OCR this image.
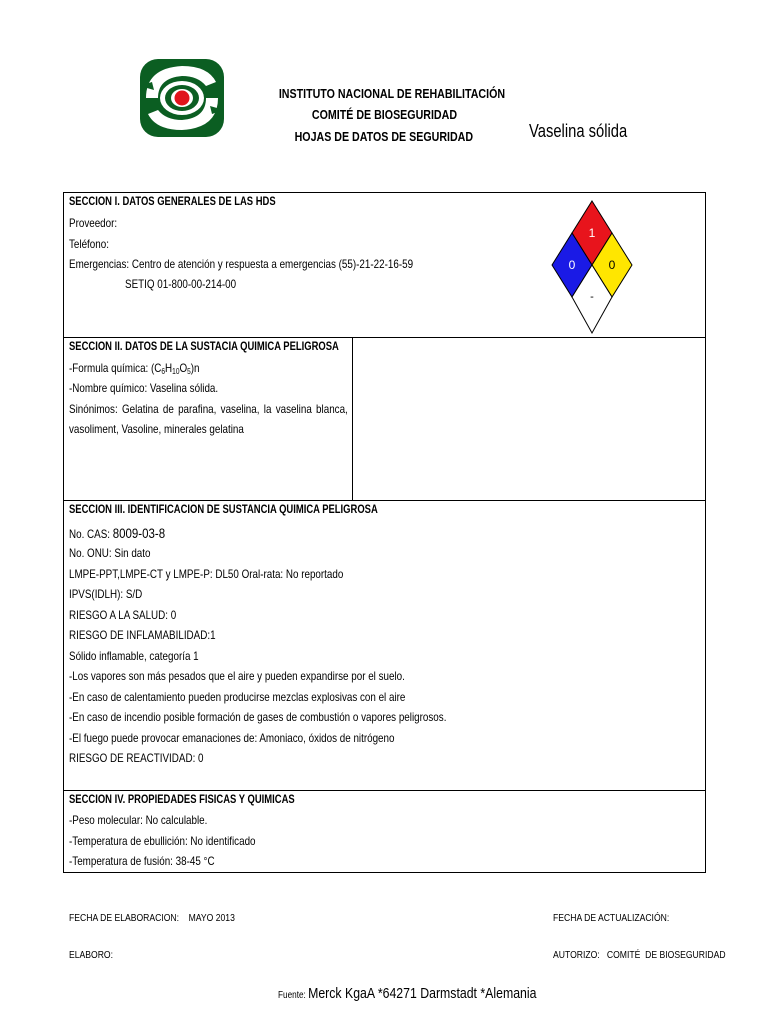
INSTITUTO NACIONAL DE REHABILITACIÓN
COMITÉ DE BIOSEGURIDAD
HOJAS DE DATOS DE SEGURIDAD	Vaselina sólida
SECCION I. DATOS GENERALES DE LAS HDS
Proveedor:
Teléfono:
Emergencias: Centro de atención y respuesta a emergencias (55)-21-22-16-59
SETIQ 01-800-00-214-00
1
0	0
-
SECCION II. DATOS DE LA SUSTACIA QUIMICA PELIGROSA
-Formula química: $(C_6H_{10}O_5)n$
-Nombre químico: Vaselina sólida.
Sinónimos: Gelatina de parafina, vaselina, la vaselina blanca,
vasoliment, Vasoline, minerales gelatina
SECCION III. IDENTIFICACION DE SUSTANCIA QUIMICA PELIGROSA
No. CAS: 8009-03-8
No. ONU: Sin dato
LMPE-PPT,LMPE-CT y LMPE-P: DL50 Oral-rata: No reportado
IPVS(IDLH): S/D
RIESGO A LA SALUD: 0
RIESGO DE INFLAMABILIDAD:1
Sólido inflamable, categoría 1
-Los vapores son más pesados que el aire y pueden expandirse por el suelo.
-En caso de calentamiento pueden producirse mezclas explosivas con el aire
-En caso de incendio posible formación de gases de combustión o vapores peligrosos.
-El fuego puede provocar emanaciones de: Amoniaco, óxidos de nitrógeno
RIESGO DE REACTIVIDAD: 0
SECCION IV. PROPIEDADES FISICAS Y QUIMICAS
-Peso molecular: No calculable.
-Temperatura de ebullición: No identificado
-Temperatura de fusión: 38-45 °C
FECHA DE ELABORACION:    MAYO 2013	FECHA DE ACTUALIZACIÓN:
ELABORO:	AUTORIZO:   COMITÉ  DE BIOSEGURIDAD
Fuente: Merck KgaA *64271 Darmstadt *Alemania
